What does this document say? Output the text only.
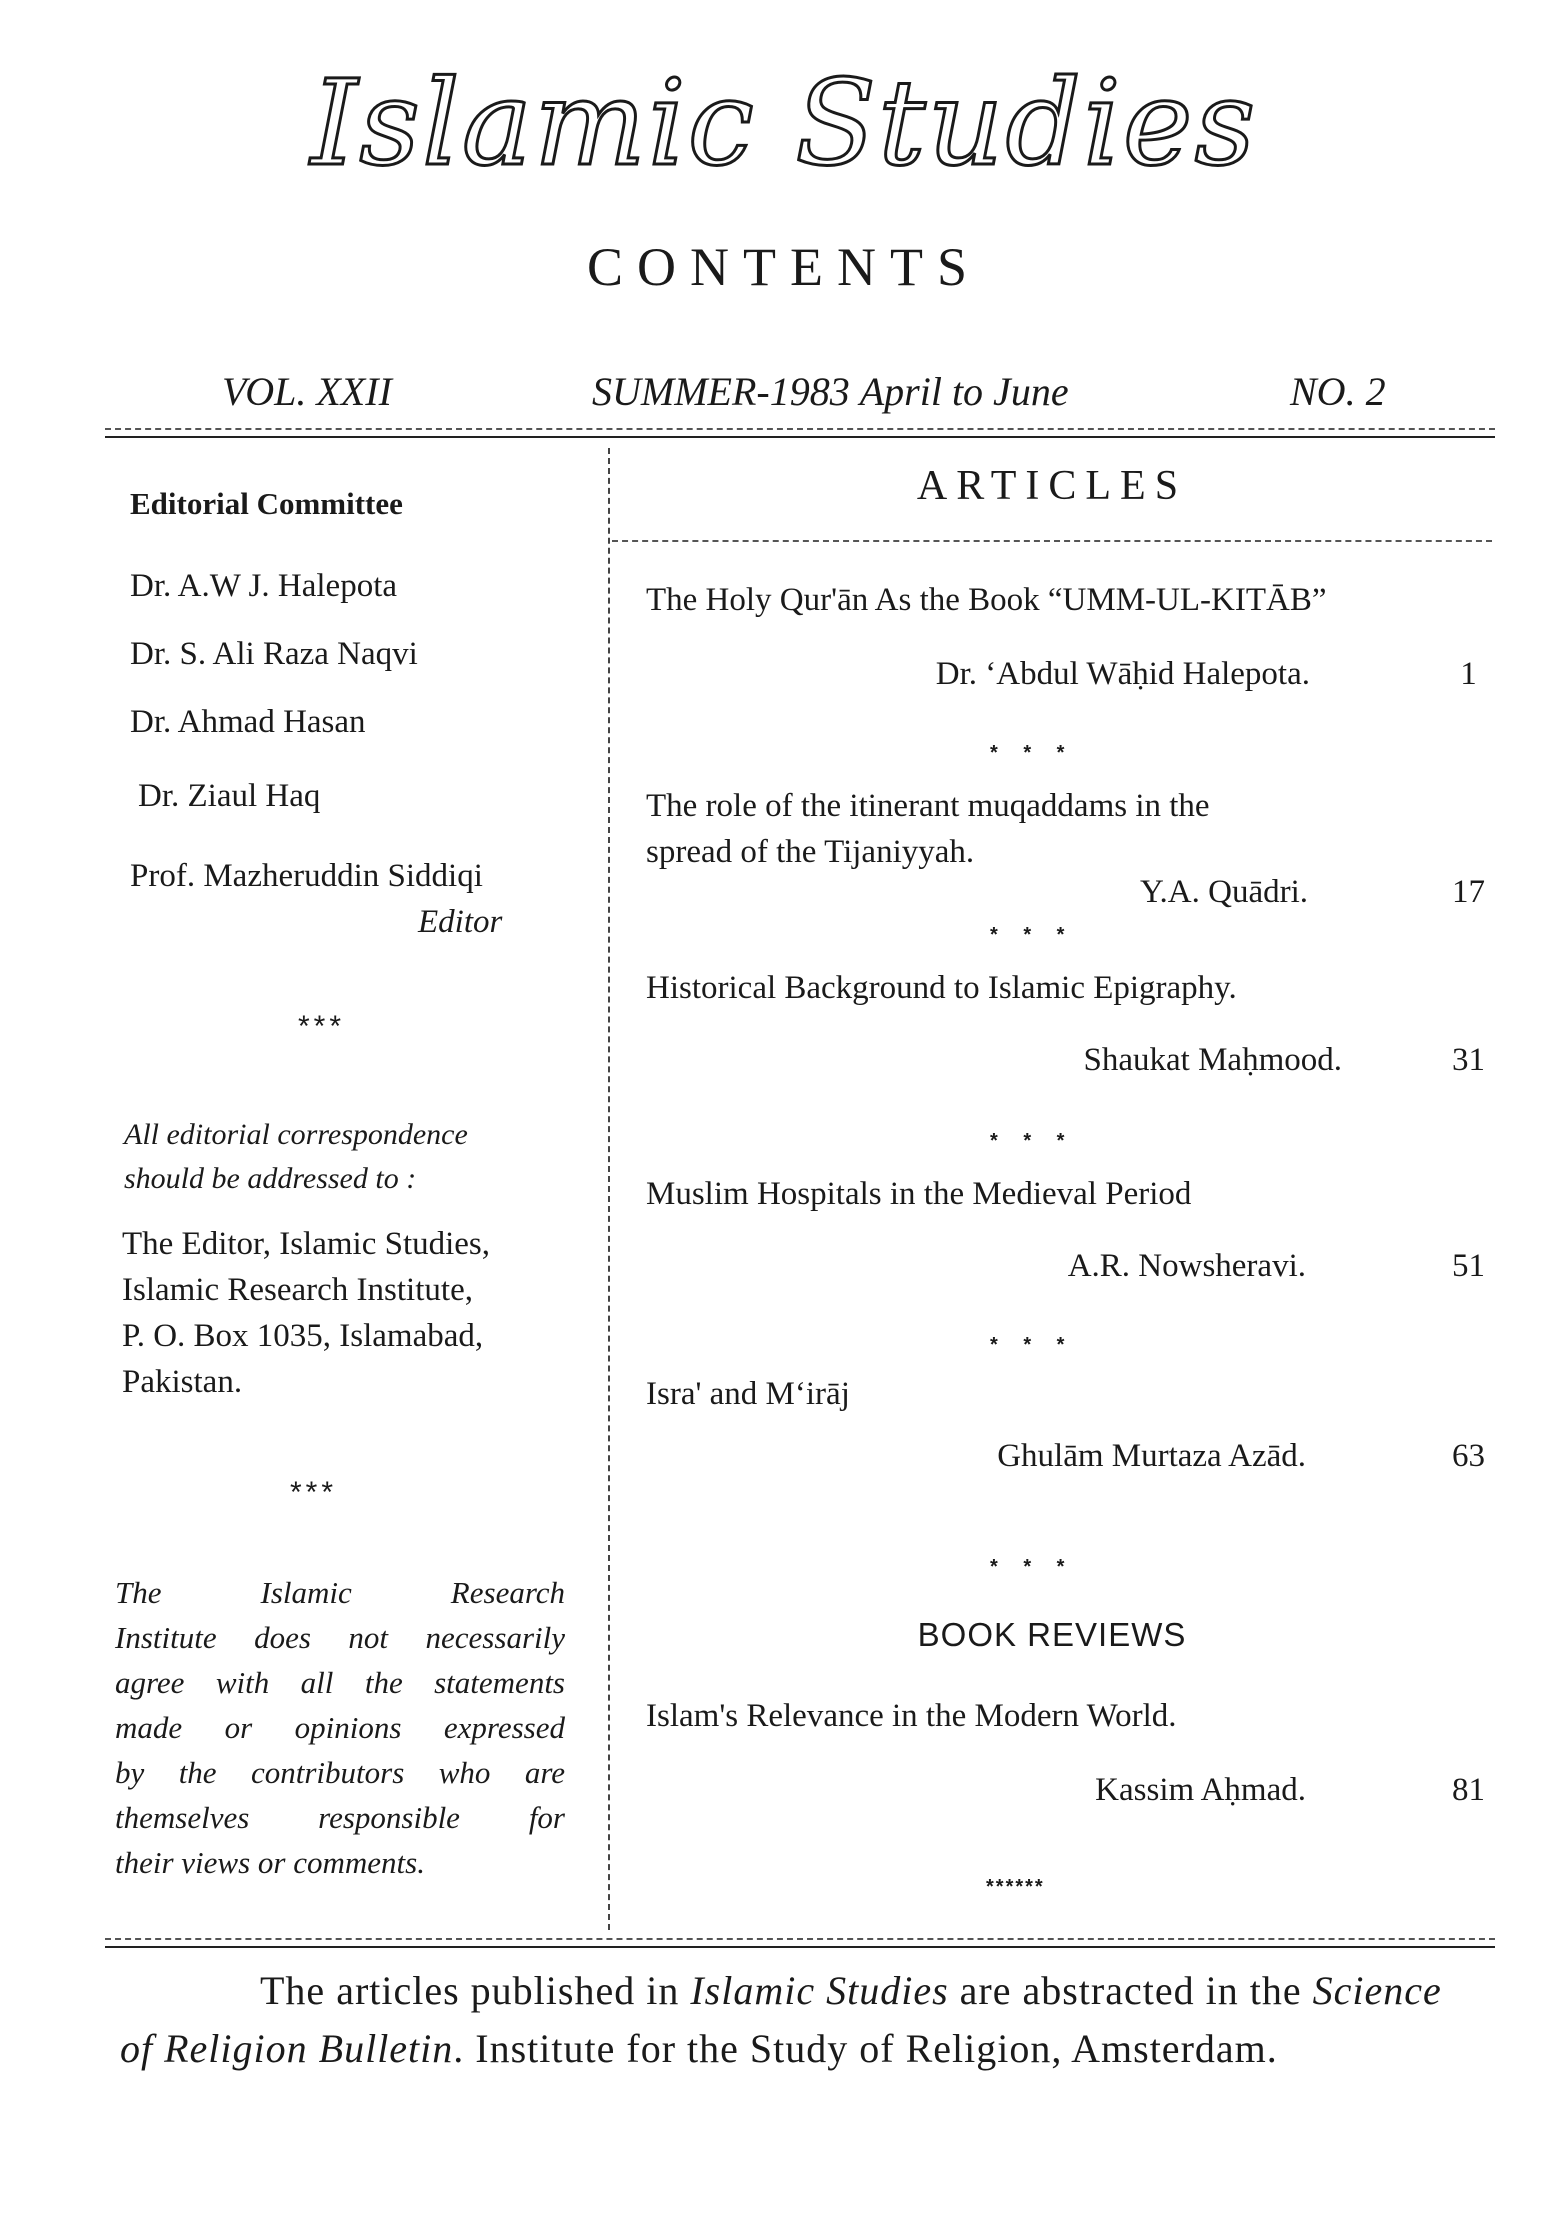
Islamic Studies
CONTENTS
VOL. XXII	SUMMER-1983 April to June	NO. 2
Editorial Committee
Dr. A.W J. Halepota
Dr. S. Ali Raza Naqvi
Dr. Ahmad Hasan
Dr. Ziaul Haq
Prof. Mazheruddin Siddiqi
Editor
***
All editorial correspondence
should be addressed to :
The Editor, Islamic Studies,
Islamic Research Institute,
P. O. Box 1035, Islamabad,
Pakistan.
***
The Islamic Research
Institute does not necessarily
agree with all the statements
made or opinions expressed
by the contributors who are
themselves responsible for
their views or comments.
ARTICLES
The Holy Qur'ān As the Book “UMM-UL-KITĀB”
Dr. ‘Abdul Wāḥid Halepota.	1
* * *
The role of the itinerant muqaddams in the
spread of the Tijaniyyah.
Y.A. Quādri.	17
* * *
Historical Background to Islamic Epigraphy.
Shaukat Maḥmood.	31
* * *
Muslim Hospitals in the Medieval Period
A.R. Nowsheravi.	51
* * *
Isra' and M‘irāj
Ghulām Murtaza Azād.	63
* * *
BOOK REVIEWS
Islam's Relevance in the Modern World.
Kassim Aḥmad.	81
******
The articles published in Islamic Studies are abstracted in the Science of Religion Bulletin. Institute for the Study of Religion, Amsterdam.
